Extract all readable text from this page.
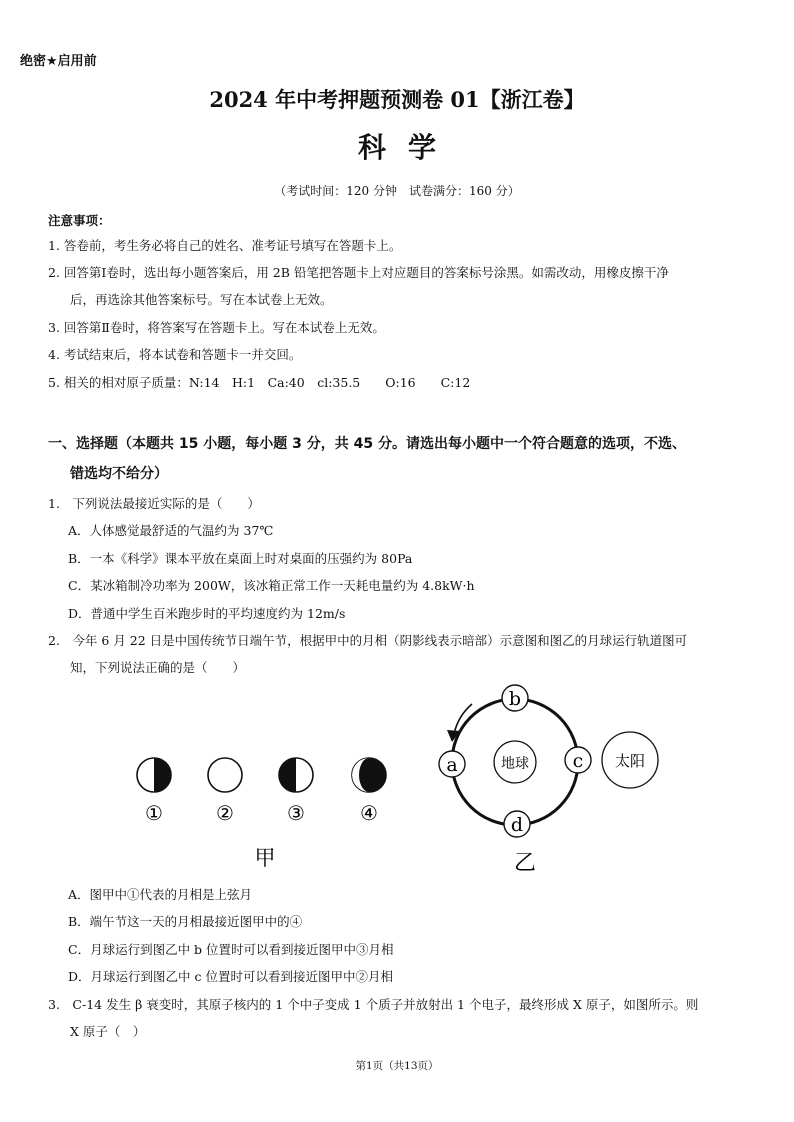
绝密★启用前
2024 年中考押题预测卷 01【浙江卷】
科学
（考试时间：120 分钟　试卷满分：160 分）
注意事项：
1. 答卷前，考生务必将自己的姓名、准考证号填写在答题卡上。
2. 回答第Ⅰ卷时，选出每小题答案后，用 2B 铅笔把答题卡上对应题目的答案标号涂黑。如需改动，用橡皮擦干净
后，再选涂其他答案标号。写在本试卷上无效。
3. 回答第Ⅱ卷时，将答案写在答题卡上。写在本试卷上无效。
4. 考试结束后，将本试卷和答题卡一并交回。
5. 相关的相对原子质量：N:14　H:1　Ca:40　cl:35.5　　O:16　　C:12
一、选择题（本题共 15 小题，每小题 3 分，共 45 分。请选出每小题中一个符合题意的选项，不选、
错选均不给分）
1.　下列说法最接近实际的是（　　）
A．人体感觉最舒适的气温约为 37℃
B．一本《科学》课本平放在桌面上时对桌面的压强约为 80Pa
C．某冰箱制冷功率为 200W，该冰箱正常工作一天耗电量约为 4.8kW·h
D．普通中学生百米跑步时的平均速度约为 12m/s
2.　今年 6 月 22 日是中国传统节日端午节，根据甲中的月相（阴影线表示暗部）示意图和图乙的月球运行轨道图可
知，下列说法正确的是（　　）
①	②	③	④
甲
地球
b
a	c
d
太阳
乙
A．图甲中①代表的月相是上弦月
B．端午节这一天的月相最接近图甲中的④
C．月球运行到图乙中 b 位置时可以看到接近图甲中③月相
D．月球运行到图乙中 c 位置时可以看到接近图甲中②月相
3.　C-14 发生 β 衰变时，其原子核内的 1 个中子变成 1 个质子并放射出 1 个电子，最终形成 X 原子，如图所示。则
X 原子（　）
第1页（共13页）
